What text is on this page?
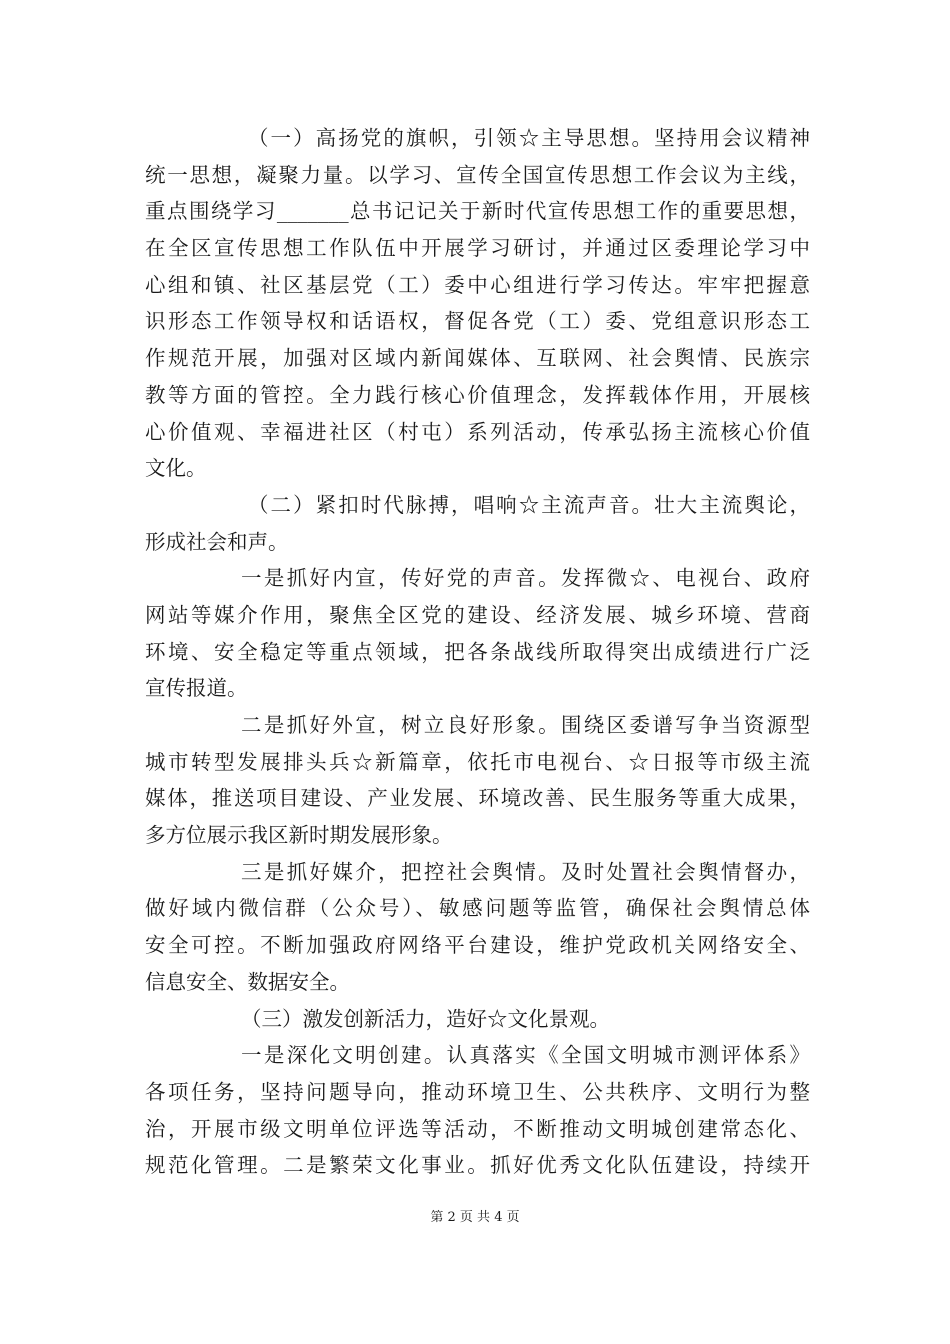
（一）高扬党的旗帜，引领☆主导思想。坚持用会议精神
统一思想，凝聚力量。以学习、宣传全国宣传思想工作会议为主线，
重点围绕学习_______总书记记关于新时代宣传思想工作的重要思想，
在全区宣传思想工作队伍中开展学习研讨，并通过区委理论学习中
心组和镇、社区基层党（工）委中心组进行学习传达。牢牢把握意
识形态工作领导权和话语权，督促各党（工）委、党组意识形态工
作规范开展，加强对区域内新闻媒体、互联网、社会舆情、民族宗
教等方面的管控。全力践行核心价值理念，发挥载体作用，开展核
心价值观、幸福进社区（村屯）系列活动，传承弘扬主流核心价值
文化。
（二）紧扣时代脉搏，唱响☆主流声音。壮大主流舆论，
形成社会和声。
一是抓好内宣，传好党的声音。发挥微☆、电视台、政府
网站等媒介作用，聚焦全区党的建设、经济发展、城乡环境、营商
环境、安全稳定等重点领域，把各条战线所取得突出成绩进行广泛
宣传报道。
二是抓好外宣，树立良好形象。围绕区委谱写争当资源型
城市转型发展排头兵☆新篇章，依托市电视台、☆日报等市级主流
媒体，推送项目建设、产业发展、环境改善、民生服务等重大成果，
多方位展示我区新时期发展形象。
三是抓好媒介，把控社会舆情。及时处置社会舆情督办，
做好域内微信群（公众号）、敏感问题等监管，确保社会舆情总体
安全可控。不断加强政府网络平台建设，维护党政机关网络安全、
信息安全、数据安全。
（三）激发创新活力，造好☆文化景观。
一是深化文明创建。认真落实《全国文明城市测评体系》
各项任务，坚持问题导向，推动环境卫生、公共秩序、文明行为整
治，开展市级文明单位评选等活动，不断推动文明城创建常态化、
规范化管理。二是繁荣文化事业。抓好优秀文化队伍建设，持续开
第 2 页 共 4 页
